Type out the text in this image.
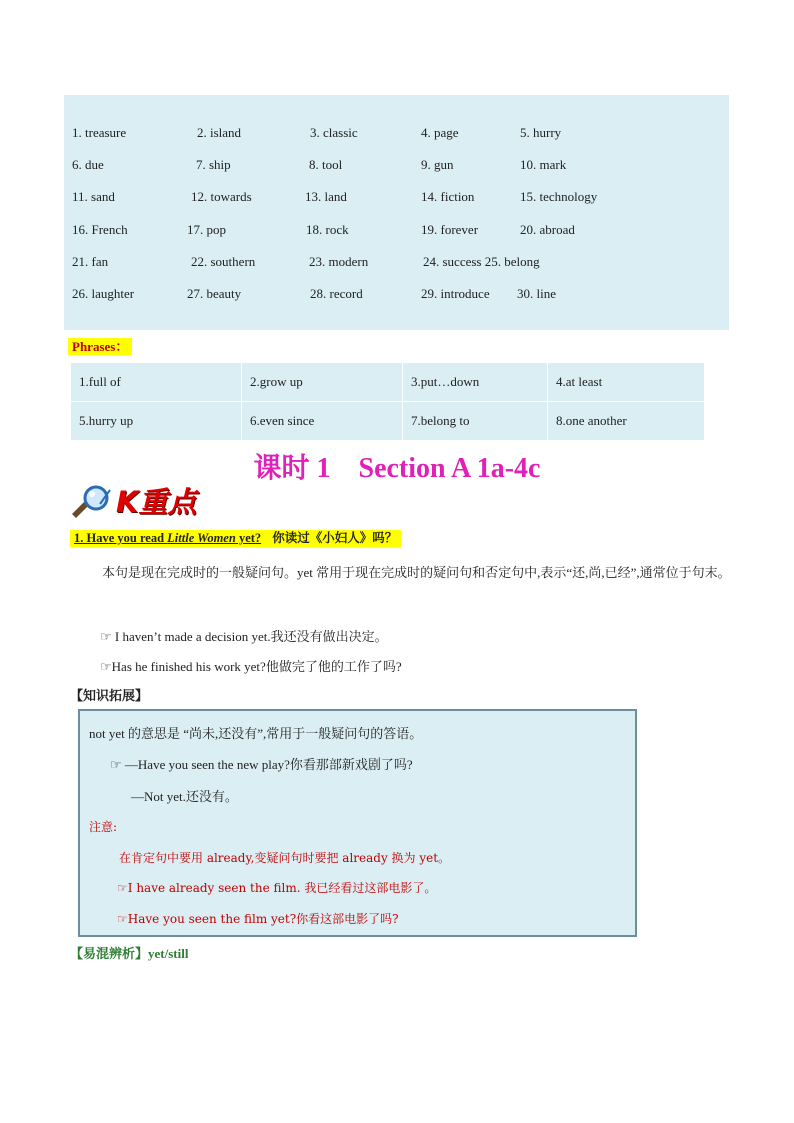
1. treasure	2. island	3. classic	4. page	5. hurry
6. due	7. ship	8. tool	9. gun	10. mark
11. sand	12. towards	13. land	14. fiction	15. technology
16. French	17. pop	18. rock	19. forever	20. abroad
21. fan	22. southern	23. modern	24. success 25. belong
26. laughter	27. beauty	28. record	29. introduce 30. line
Phrases：
1.full of	2.grow up	3.put…down	4.at least
5.hurry up	6.even since	7.belong to	8.one another
课时 1    Section A 1a-4c
K重点
1. Have you read Little Women yet? 你读过《小妇人》吗？
本句是现在完成时的一般疑问句。yet 常用于现在完成时的疑问句和否定句中,表示“还,尚,已经”,通常位于句末。
☞ I haven’t made a decision yet.我还没有做出决定。
☞Has he finished his work yet?他做完了他的工作了吗?
【知识拓展】
not yet 的意思是 “尚未,还没有”,常用于一般疑问句的答语。
☞ —Have you seen the new play?你看那部新戏剧了吗?
—Not yet.还没有。
注意:
在肯定句中要用 already,变疑问句时要把 already 换为 yet。
☞I have already seen the film. 我已经看过这部电影了。
☞Have you seen the film yet?你看这部电影了吗?
【易混辨析】yet/still
